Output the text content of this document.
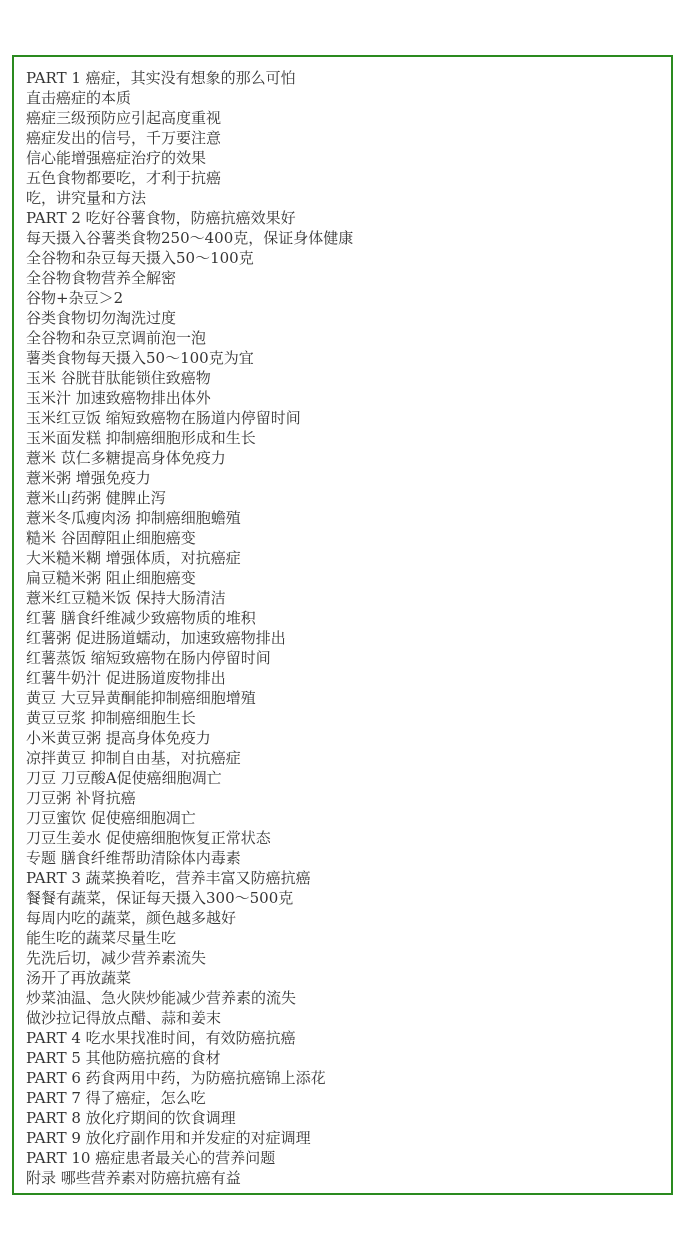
PART 1 癌症，其实没有想象的那么可怕
直击癌症的本质
癌症三级预防应引起高度重视
癌症发出的信号，千万要注意
信心能增强癌症治疗的效果
五色食物都要吃，才利于抗癌
吃，讲究量和方法
PART 2 吃好谷薯食物，防癌抗癌效果好
每天摄入谷薯类食物250～400克，保证身体健康
全谷物和杂豆每天摄入50～100克
全谷物食物营养全解密
谷物+杂豆＞2
谷类食物切勿淘洗过度
全谷物和杂豆烹调前泡一泡
薯类食物每天摄入50～100克为宜
玉米 谷胱苷肽能锁住致癌物
玉米汁 加速致癌物排出体外
玉米红豆饭 缩短致癌物在肠道内停留时间
玉米面发糕 抑制癌细胞形成和生长
薏米 苡仁多糖提高身体免疫力
薏米粥 增强免疫力
薏米山药粥 健脾止泻
薏米冬瓜瘦肉汤 抑制癌细胞蟾殖
糙米 谷固醇阻止细胞癌变
大米糙米糊 增强体质，对抗癌症
扁豆糙米粥 阻止细胞癌变
薏米红豆糙米饭 保持大肠清洁
红薯 膳食纤维减少致癌物质的堆积
红薯粥 促进肠道蠕动，加速致癌物排出
红薯蒸饭 缩短致癌物在肠内停留时间
红薯牛奶汁 促进肠道废物排出
黄豆 大豆异黄酮能抑制癌细胞增殖
黄豆豆浆 抑制癌细胞生长
小米黄豆粥 提高身体免疫力
凉拌黄豆 抑制自由基，对抗癌症
刀豆 刀豆酸A促使癌细胞凋亡
刀豆粥 补肾抗癌
刀豆蜜饮 促使癌细胞凋亡
刀豆生姜水 促使癌细胞恢复正常状态
专题 膳食纤维帮助清除体内毒素
PART 3 蔬菜换着吃，营养丰富又防癌抗癌
餐餐有蔬菜，保证每天摄入300～500克
每周内吃的蔬菜，颜色越多越好
能生吃的蔬菜尽量生吃
先洗后切，减少营养素流失
汤开了再放蔬菜
炒菜油温、急火陕炒能减少营养素的流失
做沙拉记得放点醋、蒜和姜末
PART 4 吃水果找准时间，有效防癌抗癌
PART 5 其他防癌抗癌的食材
PART 6 药食两用中药，为防癌抗癌锦上添花
PART 7 得了癌症，怎么吃
PART 8 放化疗期间的饮食调理
PART 9 放化疗副作用和并发症的对症调理
PART 10 癌症患者最关心的营养问题
附录 哪些营养素对防癌抗癌有益
